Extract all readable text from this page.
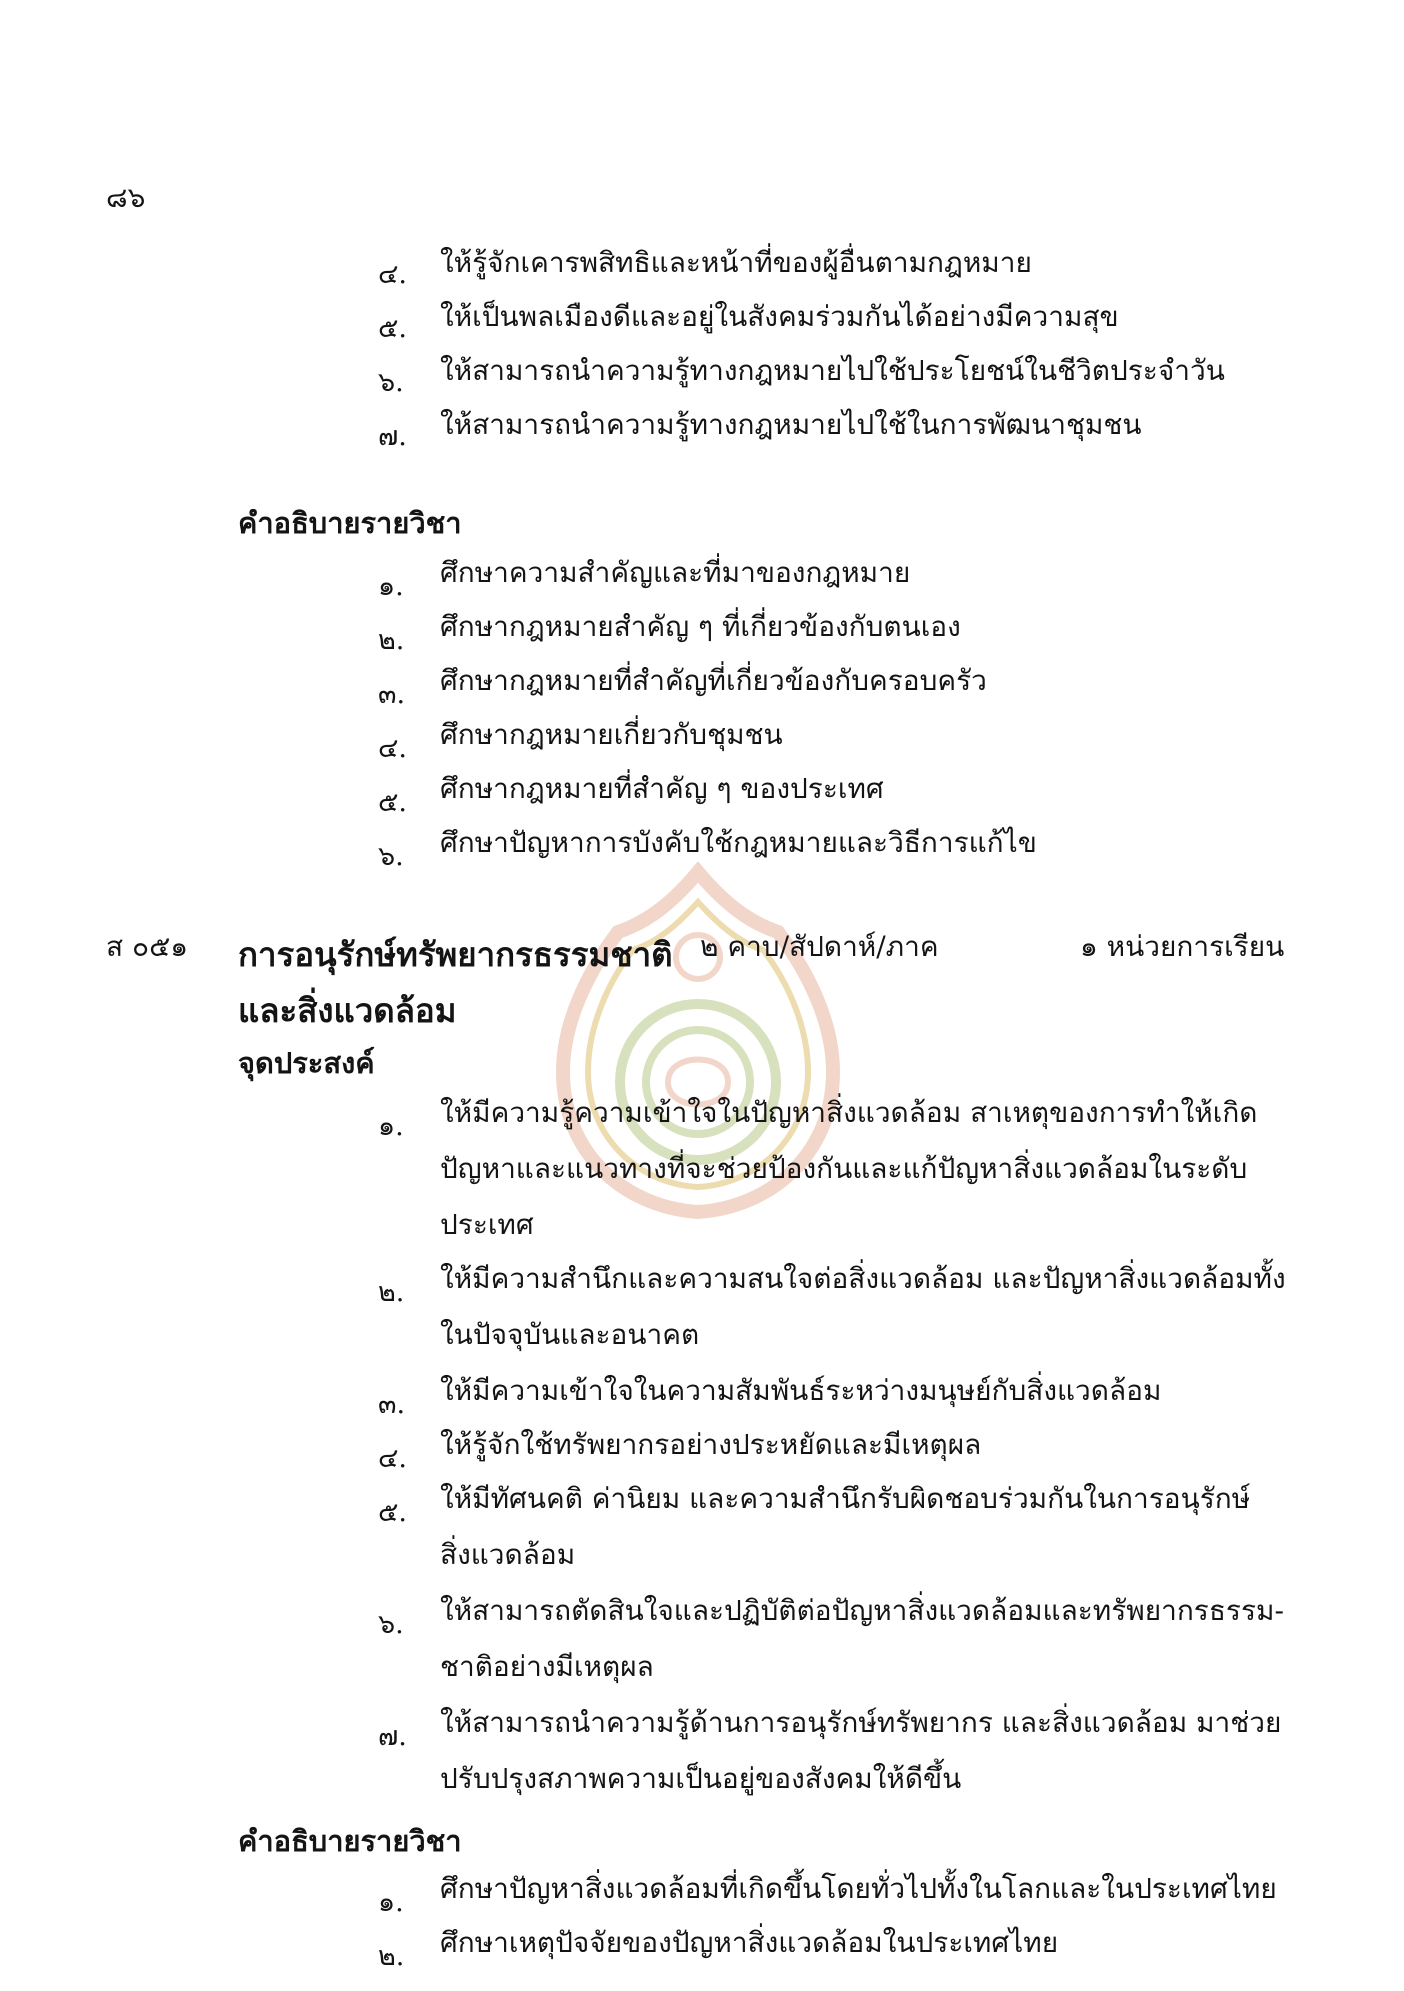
๘๖
๔.	ให้รู้จักเคารพสิทธิและหน้าที่ของผู้อื่นตามกฎหมาย
๕.	ให้เป็นพลเมืองดีและอยู่ในสังคมร่วมกันได้อย่างมีความสุข
๖.	ให้สามารถนำความรู้ทางกฎหมายไปใช้ประโยชน์ในชีวิตประจำวัน
๗.	ให้สามารถนำความรู้ทางกฎหมายไปใช้ในการพัฒนาชุมชน
คำอธิบายรายวิชา
๑.	ศึกษาความสำคัญและที่มาของกฎหมาย
๒.	ศึกษากฎหมายสำคัญ ๆ ที่เกี่ยวข้องกับตนเอง
๓.	ศึกษากฎหมายที่สำคัญที่เกี่ยวข้องกับครอบครัว
๔.	ศึกษากฎหมายเกี่ยวกับชุมชน
๕.	ศึกษากฎหมายที่สำคัญ ๆ ของประเทศ
๖.	ศึกษาปัญหาการบังคับใช้กฎหมายและวิธีการแก้ไข
ส ๐๕๑ การอนุรักษ์ทรัพยากรธรรมชาติ ๒ คาบ/สัปดาห์/ภาค	๑ หน่วยการเรียน
และสิ่งแวดล้อม
จุดประสงค์
๑.	ให้มีความรู้ความเข้าใจในปัญหาสิ่งแวดล้อม สาเหตุของการทำให้เกิด
ปัญหาและแนวทางที่จะช่วยป้องกันและแก้ปัญหาสิ่งแวดล้อมในระดับ
ประเทศ
๒.	ให้มีความสำนึกและความสนใจต่อสิ่งแวดล้อม และปัญหาสิ่งแวดล้อมทั้ง
ในปัจจุบันและอนาคต
๓.	ให้มีความเข้าใจในความสัมพันธ์ระหว่างมนุษย์กับสิ่งแวดล้อม
๔.	ให้รู้จักใช้ทรัพยากรอย่างประหยัดและมีเหตุผล
๕.	ให้มีทัศนคติ ค่านิยม และความสำนึกรับผิดชอบร่วมกันในการอนุรักษ์
สิ่งแวดล้อม
๖.	ให้สามารถตัดสินใจและปฏิบัติต่อปัญหาสิ่งแวดล้อมและทรัพยากรธรรม-
ชาติอย่างมีเหตุผล
๗.	ให้สามารถนำความรู้ด้านการอนุรักษ์ทรัพยากร และสิ่งแวดล้อม มาช่วย
ปรับปรุงสภาพความเป็นอยู่ของสังคมให้ดีขึ้น
คำอธิบายรายวิชา
๑.	ศึกษาปัญหาสิ่งแวดล้อมที่เกิดขึ้นโดยทั่วไปทั้งในโลกและในประเทศไทย
๒.	ศึกษาเหตุปัจจัยของปัญหาสิ่งแวดล้อมในประเทศไทย
